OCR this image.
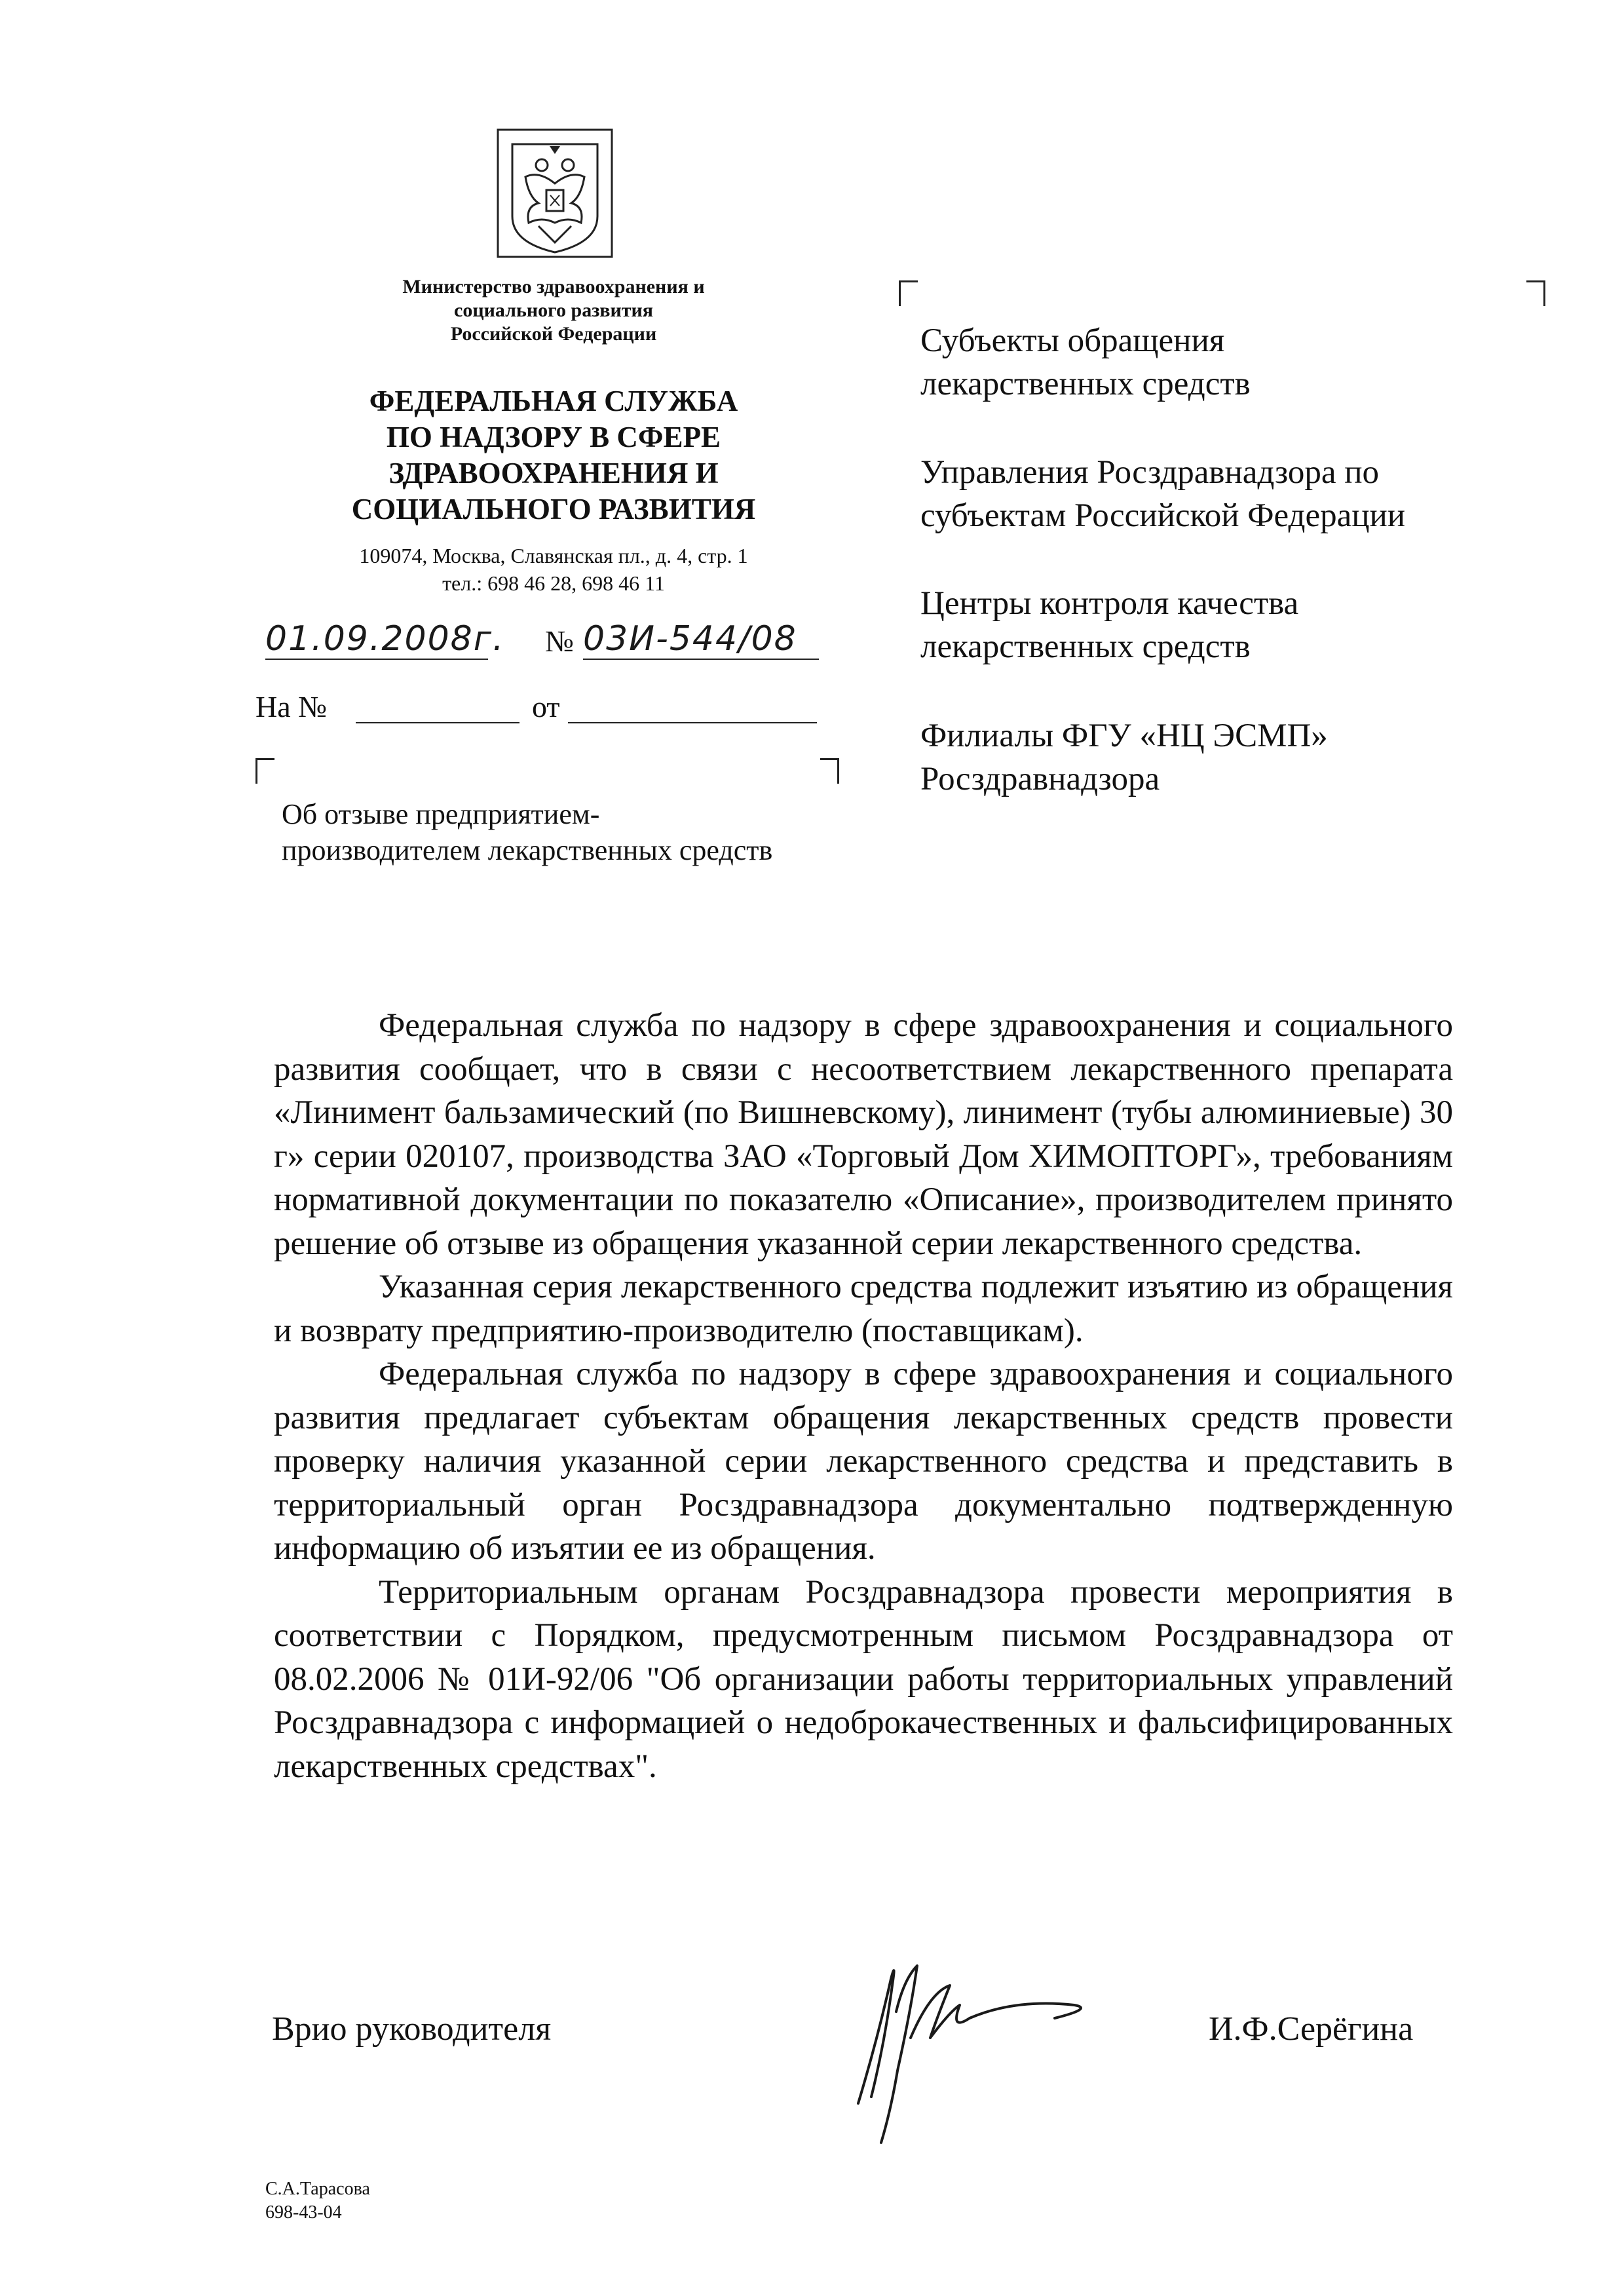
Министерство здравоохранения и
социального развития
Российской Федерации
ФЕДЕРАЛЬНАЯ СЛУЖБА
ПО НАДЗОРУ В СФЕРЕ
ЗДРАВООХРАНЕНИЯ И
СОЦИАЛЬНОГО РАЗВИТИЯ
109074, Москва, Славянская пл., д. 4, стр. 1
тел.: 698 46 28, 698 46 11
01.09.2008г. № 03И-544/08
На №	от
Об отзыве предприятием-
производителем лекарственных средств
Субъекты обращения
лекарственных средств
Управления Росздравнадзора по
субъектам Российской Федерации
Центры контроля качества
лекарственных средств
Филиалы ФГУ «НЦ ЭСМП»
Росздравнадзора

Федеральная служба по надзору в сфере здравоохранения и социального развития сообщает, что в связи с несоответствием лекарственного препарата «Линимент бальзамический (по Вишневскому), линимент (тубы алюминиевые) 30 г» серии 020107, производства ЗАО «Торговый Дом ХИМОПТОРГ», требованиям нормативной документации по показателю «Описание», производителем принято решение об отзыве из обращения указанной серии лекарственного средства.

Указанная серия лекарственного средства подлежит изъятию из обращения и возврату предприятию-производителю (поставщикам).

Федеральная служба по надзору в сфере здравоохранения и социального развития предлагает субъектам обращения лекарственных средств провести проверку наличия указанной серии лекарственного средства и представить в территориальный орган Росздравнадзора документально подтвержденную информацию об изъятии ее из обращения.

Территориальным органам Росздравнадзора провести мероприятия в соответствии с Порядком, предусмотренным письмом Росздравнадзора от 08.02.2006 № 01И-92/06 "Об организации работы территориальных управлений Росздравнадзора с информацией о недоброкачественных и фальсифицированных лекарственных средствах".

Врио руководителя	И.Ф.Серёгина
С.А.Тарасова
698-43-04
